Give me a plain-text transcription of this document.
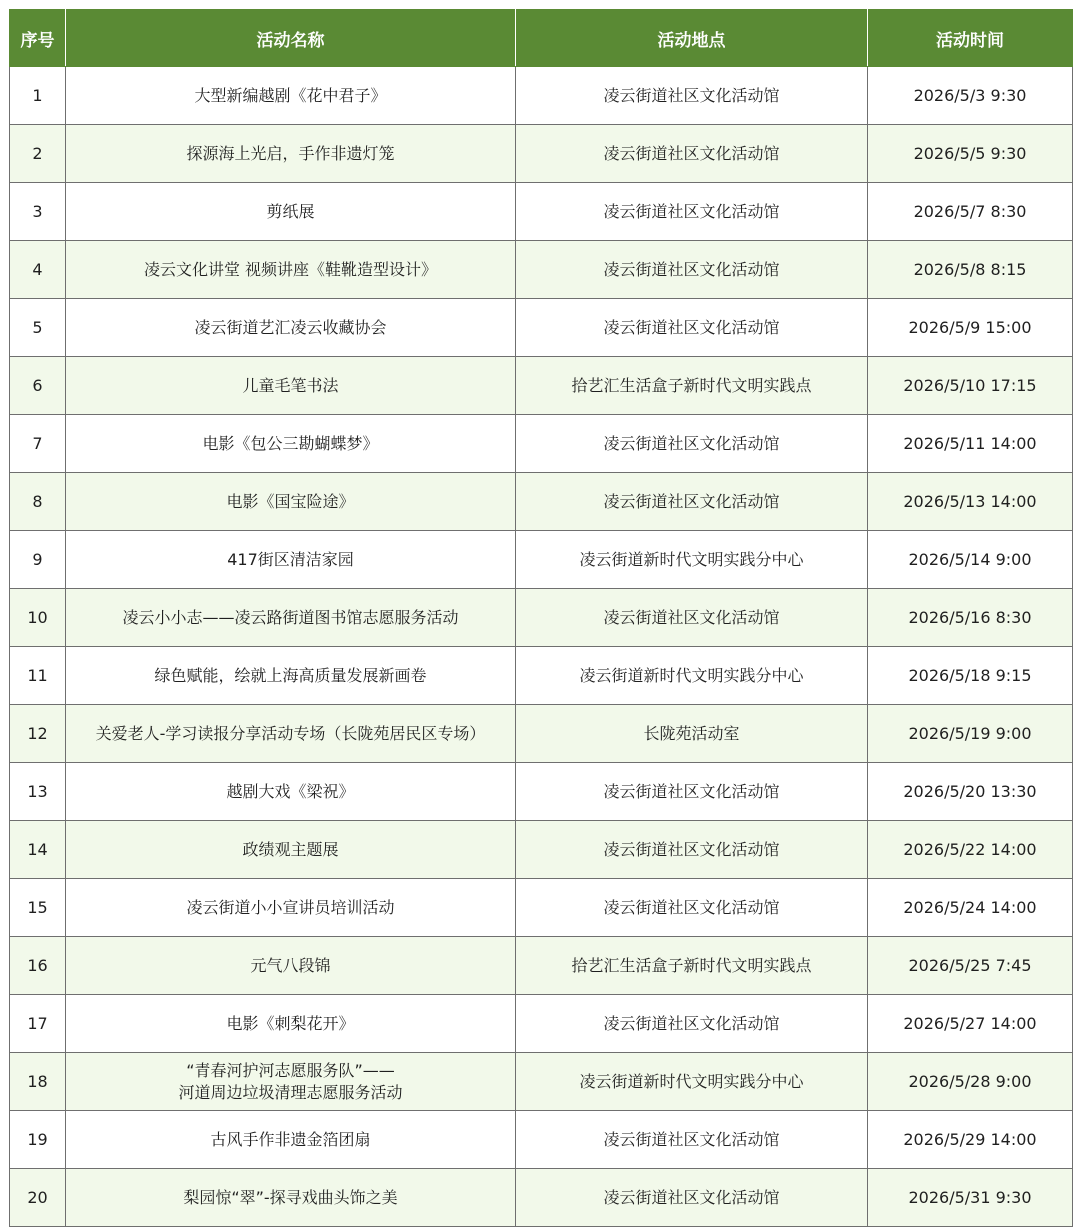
序号	活动名称	活动地点	活动时间
1	大型新编越剧《花中君子》	凌云街道社区文化活动馆	2026/5/3 9:30
2	探源海上光启，手作非遗灯笼	凌云街道社区文化活动馆	2026/5/5 9:30
3	剪纸展	凌云街道社区文化活动馆	2026/5/7 8:30
4	凌云文化讲堂 视频讲座《鞋靴造型设计》	凌云街道社区文化活动馆	2026/5/8 8:15
5	凌云街道艺汇凌云收藏协会	凌云街道社区文化活动馆	2026/5/9 15:00
6	儿童毛笔书法	拾艺汇生活盒子新时代文明实践点	2026/5/10 17:15
7	电影《包公三勘蝴蝶梦》	凌云街道社区文化活动馆	2026/5/11 14:00
8	电影《国宝险途》	凌云街道社区文化活动馆	2026/5/13 14:00
9	417街区清洁家园	凌云街道新时代文明实践分中心	2026/5/14 9:00
10	凌云小小志——凌云路街道图书馆志愿服务活动	凌云街道社区文化活动馆	2026/5/16 8:30
11	绿色赋能，绘就上海高质量发展新画卷	凌云街道新时代文明实践分中心	2026/5/18 9:15
12	关爱老人-学习读报分享活动专场（长陇苑居民区专场）	长陇苑活动室	2026/5/19 9:00
13	越剧大戏《梁祝》	凌云街道社区文化活动馆	2026/5/20 13:30
14	政绩观主题展	凌云街道社区文化活动馆	2026/5/22 14:00
15	凌云街道小小宣讲员培训活动	凌云街道社区文化活动馆	2026/5/24 14:00
16	元气八段锦	拾艺汇生活盒子新时代文明实践点	2026/5/25 7:45
17	电影《刺梨花开》	凌云街道社区文化活动馆	2026/5/27 14:00
18	“青春河护河志愿服务队”——
河道周边垃圾清理志愿服务活动	凌云街道新时代文明实践分中心	2026/5/28 9:00
19	古风手作非遗金箔团扇	凌云街道社区文化活动馆	2026/5/29 14:00
20	梨园惊“翠”-探寻戏曲头饰之美	凌云街道社区文化活动馆	2026/5/31 9:30
